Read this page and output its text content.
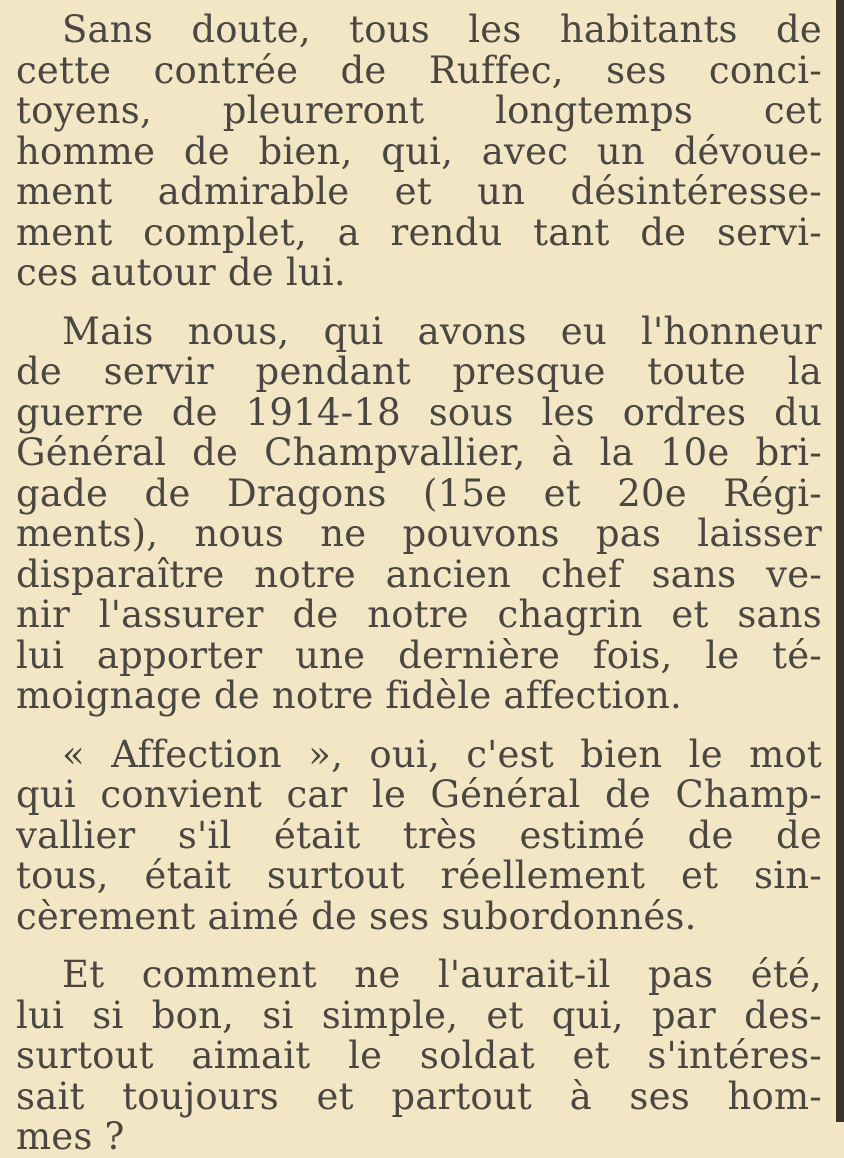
Sans doute, tous les habitants de
cette contrée de Ruffec, ses conci-
toyens, pleureront longtemps cet
homme de bien, qui, avec un dévoue-
ment admirable et un désintéresse-
ment complet, a rendu tant de servi-
ces autour de lui.
Mais nous, qui avons eu l'honneur
de servir pendant presque toute la
guerre de 1914-18 sous les ordres du
Général de Champvallier, à la 10e bri-
gade de Dragons (15e et 20e Régi-
ments), nous ne pouvons pas laisser
disparaître notre ancien chef sans ve-
nir l'assurer de notre chagrin et sans
lui apporter une dernière fois, le té-
moignage de notre fidèle affection.
« Affection », oui, c'est bien le mot
qui convient car le Général de Champ-
vallier s'il était très estimé de de
tous, était surtout réellement et sin-
cèrement aimé de ses subordonnés.
Et comment ne l'aurait-il pas été,
lui si bon, si simple, et qui, par des-
surtout aimait le soldat et s'intéres-
sait toujours et partout à ses hom-
mes ?
